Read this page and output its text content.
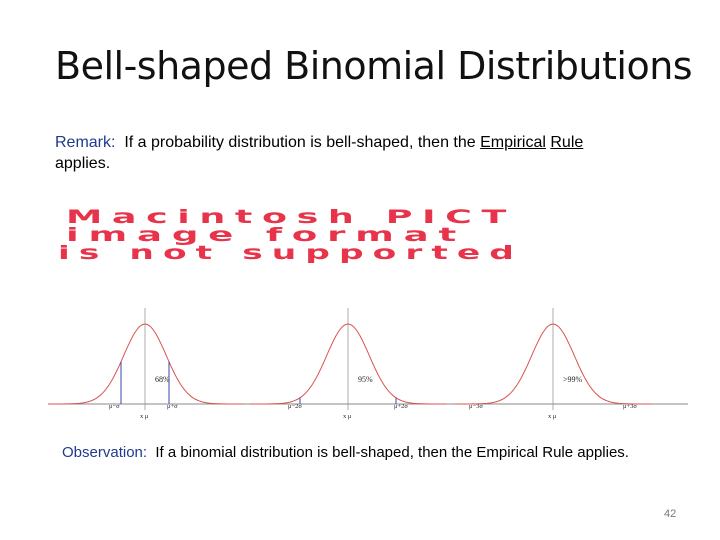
Bell-shaped Binomial Distributions
Remark: If a probability distribution is bell-shaped, then the Empirical Rule
applies.
Macintosh PICT
image format
is not supported
68%
μ−σ	μ+σ
x μ
95%
μ−2σ	μ+2σ
x μ
>99%
μ−3σ	μ+3σ
x μ
Observation: If a binomial distribution is bell-shaped, then the Empirical Rule applies.
42
